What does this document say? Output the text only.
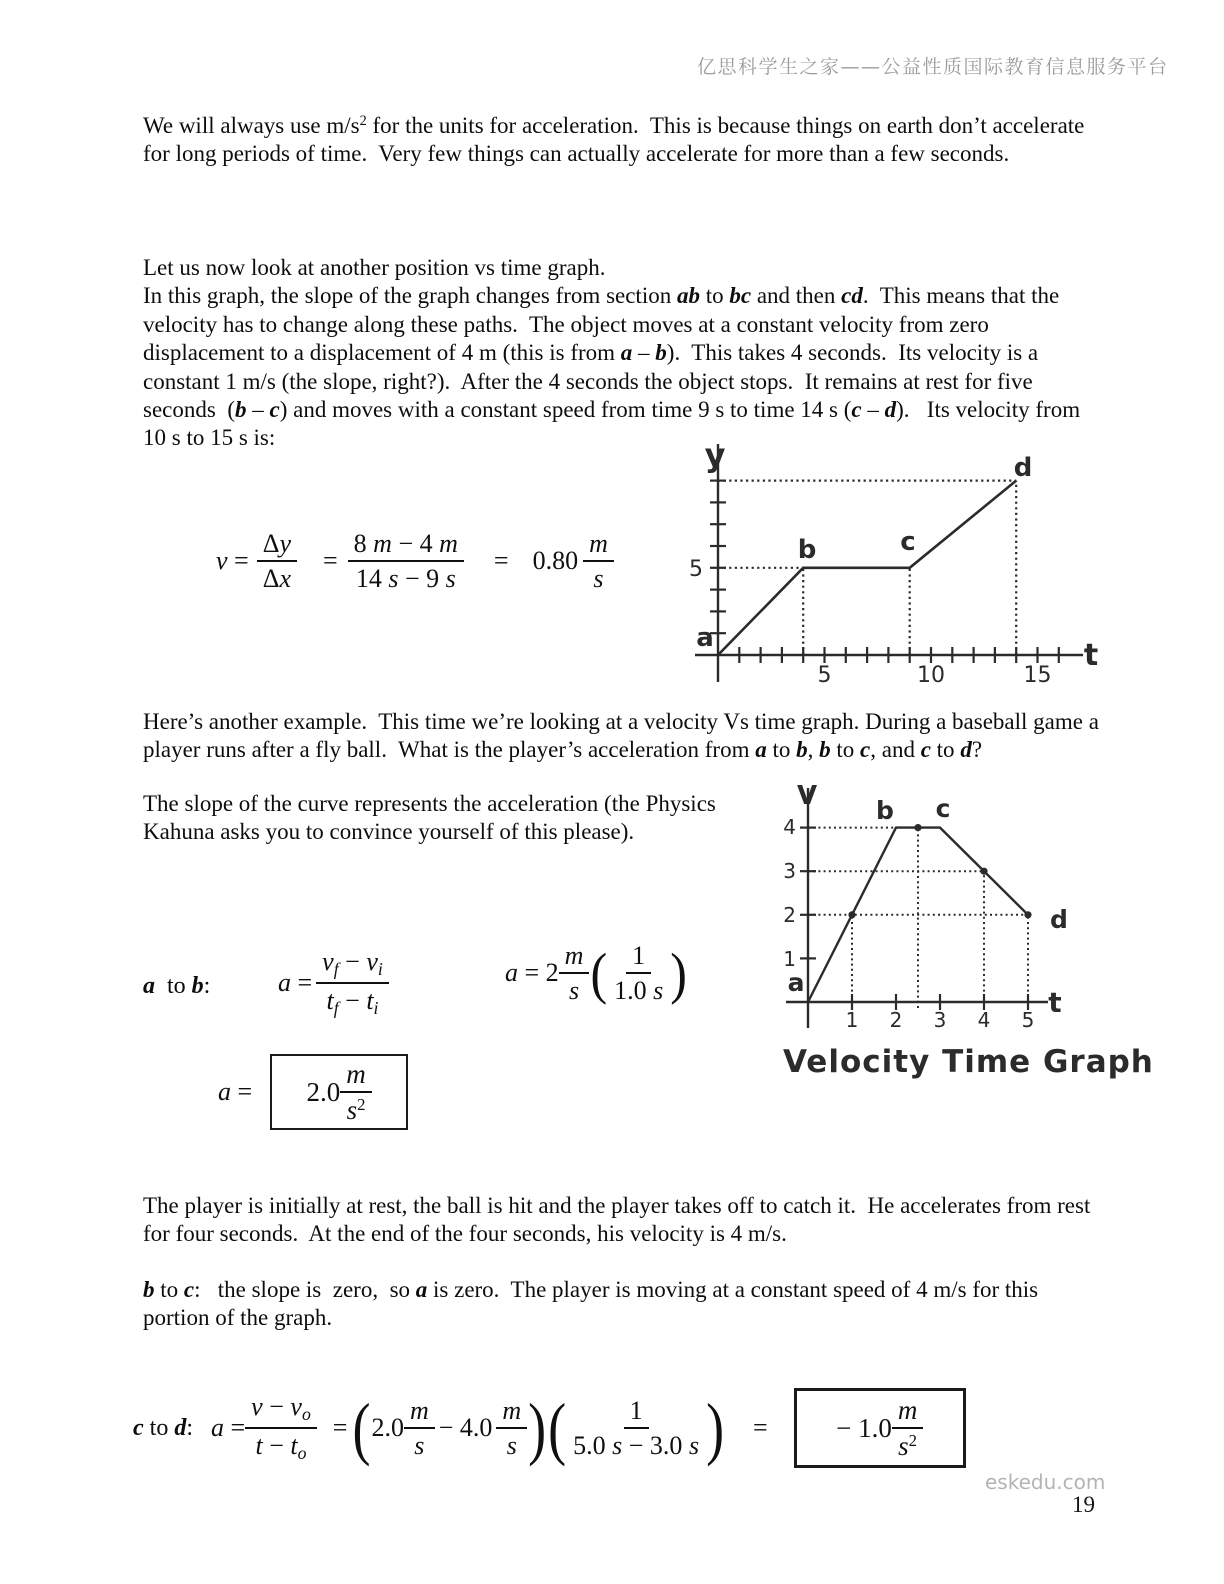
亿思科学生之家——公益性质国际教育信息服务平台
We will always use $m/s^2$ for the units for acceleration.  This is because things on earth don’t accelerate for long periods of time.  Very few things can actually accelerate for more than a few seconds.
Let us now look at another position vs time graph.
In this graph, the slope of the graph changes from section ab to bc and then cd.  This means that the velocity has to change along these paths.  The object moves at a constant velocity from zero displacement to a displacement of 4 m (this is from a – b).  This takes 4 seconds.  Its velocity is a constant 1 m/s (the slope, right?).  After the 4 seconds the object stops.  It remains at rest for five seconds  (b – c) and moves with a constant speed from time 9 s to time 14 s (c – d).   Its velocity from 10 s to 15 s is:
$v = \frac{\Delta y}{\Delta x} = \frac{8 m - 4 m}{14 s - 9 s} = 0.80 \frac{m}{s}$
y
t
5
5	10	15
a
b	c
d
Here’s another example.  This time we’re looking at a velocity Vs time graph. During a baseball game a player runs after a fly ball.  What is the player’s acceleration from a to b, b to c, and c to d?
The slope of the curve represents the acceleration (the Physics Kahuna asks you to convince yourself of this please).
V
t
1
2
3
4
1 2 3 4 5
a
b c
d
Velocity Time Graph
a  to b:	$a = \frac{vf - vi}{tf - ti}$	$a = 2 \frac{m}{s}$ ( $\frac{1}{1.0 s}$ )
$a = 2.0 \frac{m}{s^2}$
The player is initially at rest, the ball is hit and the player takes off to catch it.  He accelerates from rest for four seconds.  At the end of the four seconds, his velocity is 4 m/s.
b to c:   the slope is  zero,  so a is zero.  The player is moving at a constant speed of 4 m/s for this portion of the graph.
c to d: $a = \frac{v - vo}{t - to}$ = ( $2.0 \frac{m}{s} - 4.0 \frac{m}{s}$ ) ( $\frac{1}{5.0 s - 3.0 s}$ ) =	− $1.0 \frac{m}{s^2}$
eskedu.com
19
